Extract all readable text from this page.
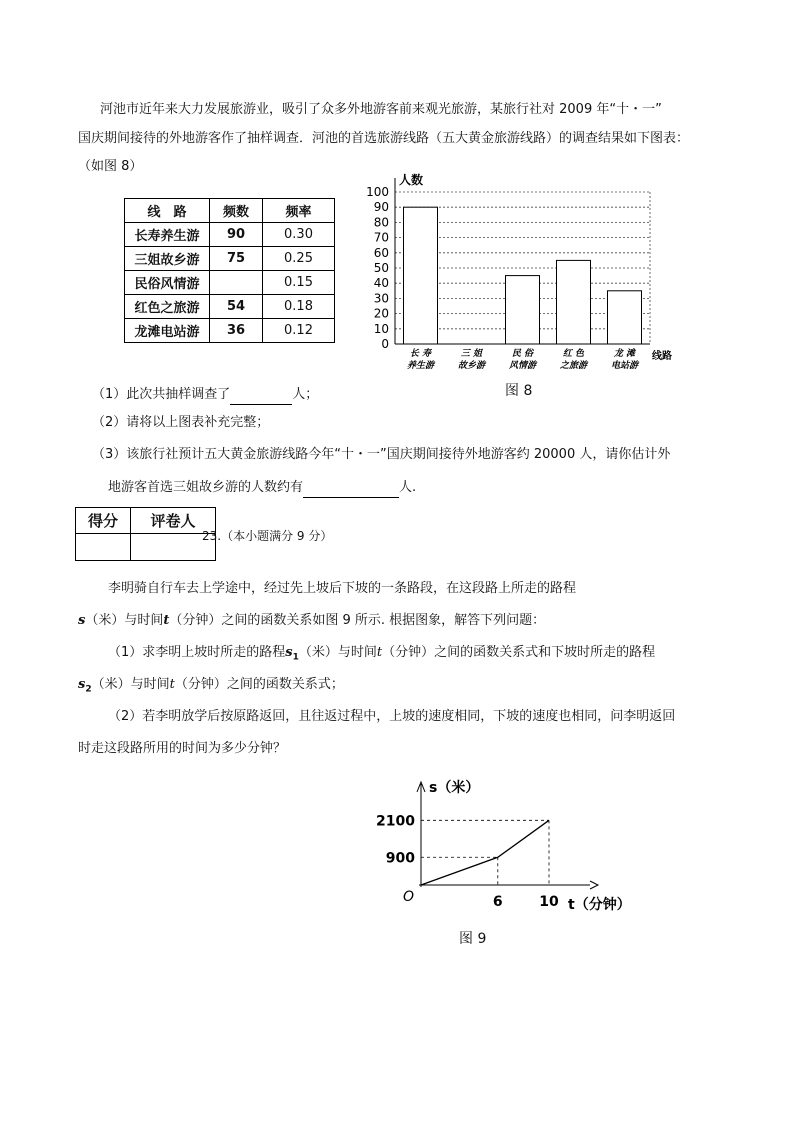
河池市近年来大力发展旅游业，吸引了众多外地游客前来观光旅游，某旅行社对 2009 年“十・一”
国庆期间接待的外地游客作了抽样调查．河池的首选旅游线路（五大黄金旅游线路）的调查结果如下图表：
（如图 8）
线　路	频数	频率
长寿养生游	90	0.30
三姐故乡游	75	0.25
民俗风情游		0.15
红色之旅游	54	0.18
龙滩电站游	36	0.12
0
10
20
30
40
50
60
70
80
90
100
人数
线路
长 寿
养生游
三 姐
故乡游
民 俗
风情游
红 色
之旅游
龙 滩
电站游
图 8
（1）此次共抽样调查了	人；
（2）请将以上图表补充完整；
（3）该旅行社预计五大黄金旅游线路今年“十・一”国庆期间接待外地游客约 20000 人，请你估计外
地游客首选三姐故乡游的人数约有	人.
得分	评卷人

23.（本小题满分 9 分）
李明骑自行车去上学途中，经过先上坡后下坡的一条路段，在这段路上所走的路程
s（米）与时间t（分钟）之间的函数关系如图 9 所示. 根据图象，解答下列问题：
（1）求李明上坡时所走的路程$s_1$（米）与时间t（分钟）之间的函数关系式和下坡时所走的路程
$s_2$（米）与时间t（分钟）之间的函数关系式；
（2）若李明放学后按原路返回，且往返过程中，上坡的速度相同，下坡的速度也相同，问李明返回
时走这段路所用的时间为多少分钟？
s（米）
t（分钟）
O
900
2100
6	10
图 9
